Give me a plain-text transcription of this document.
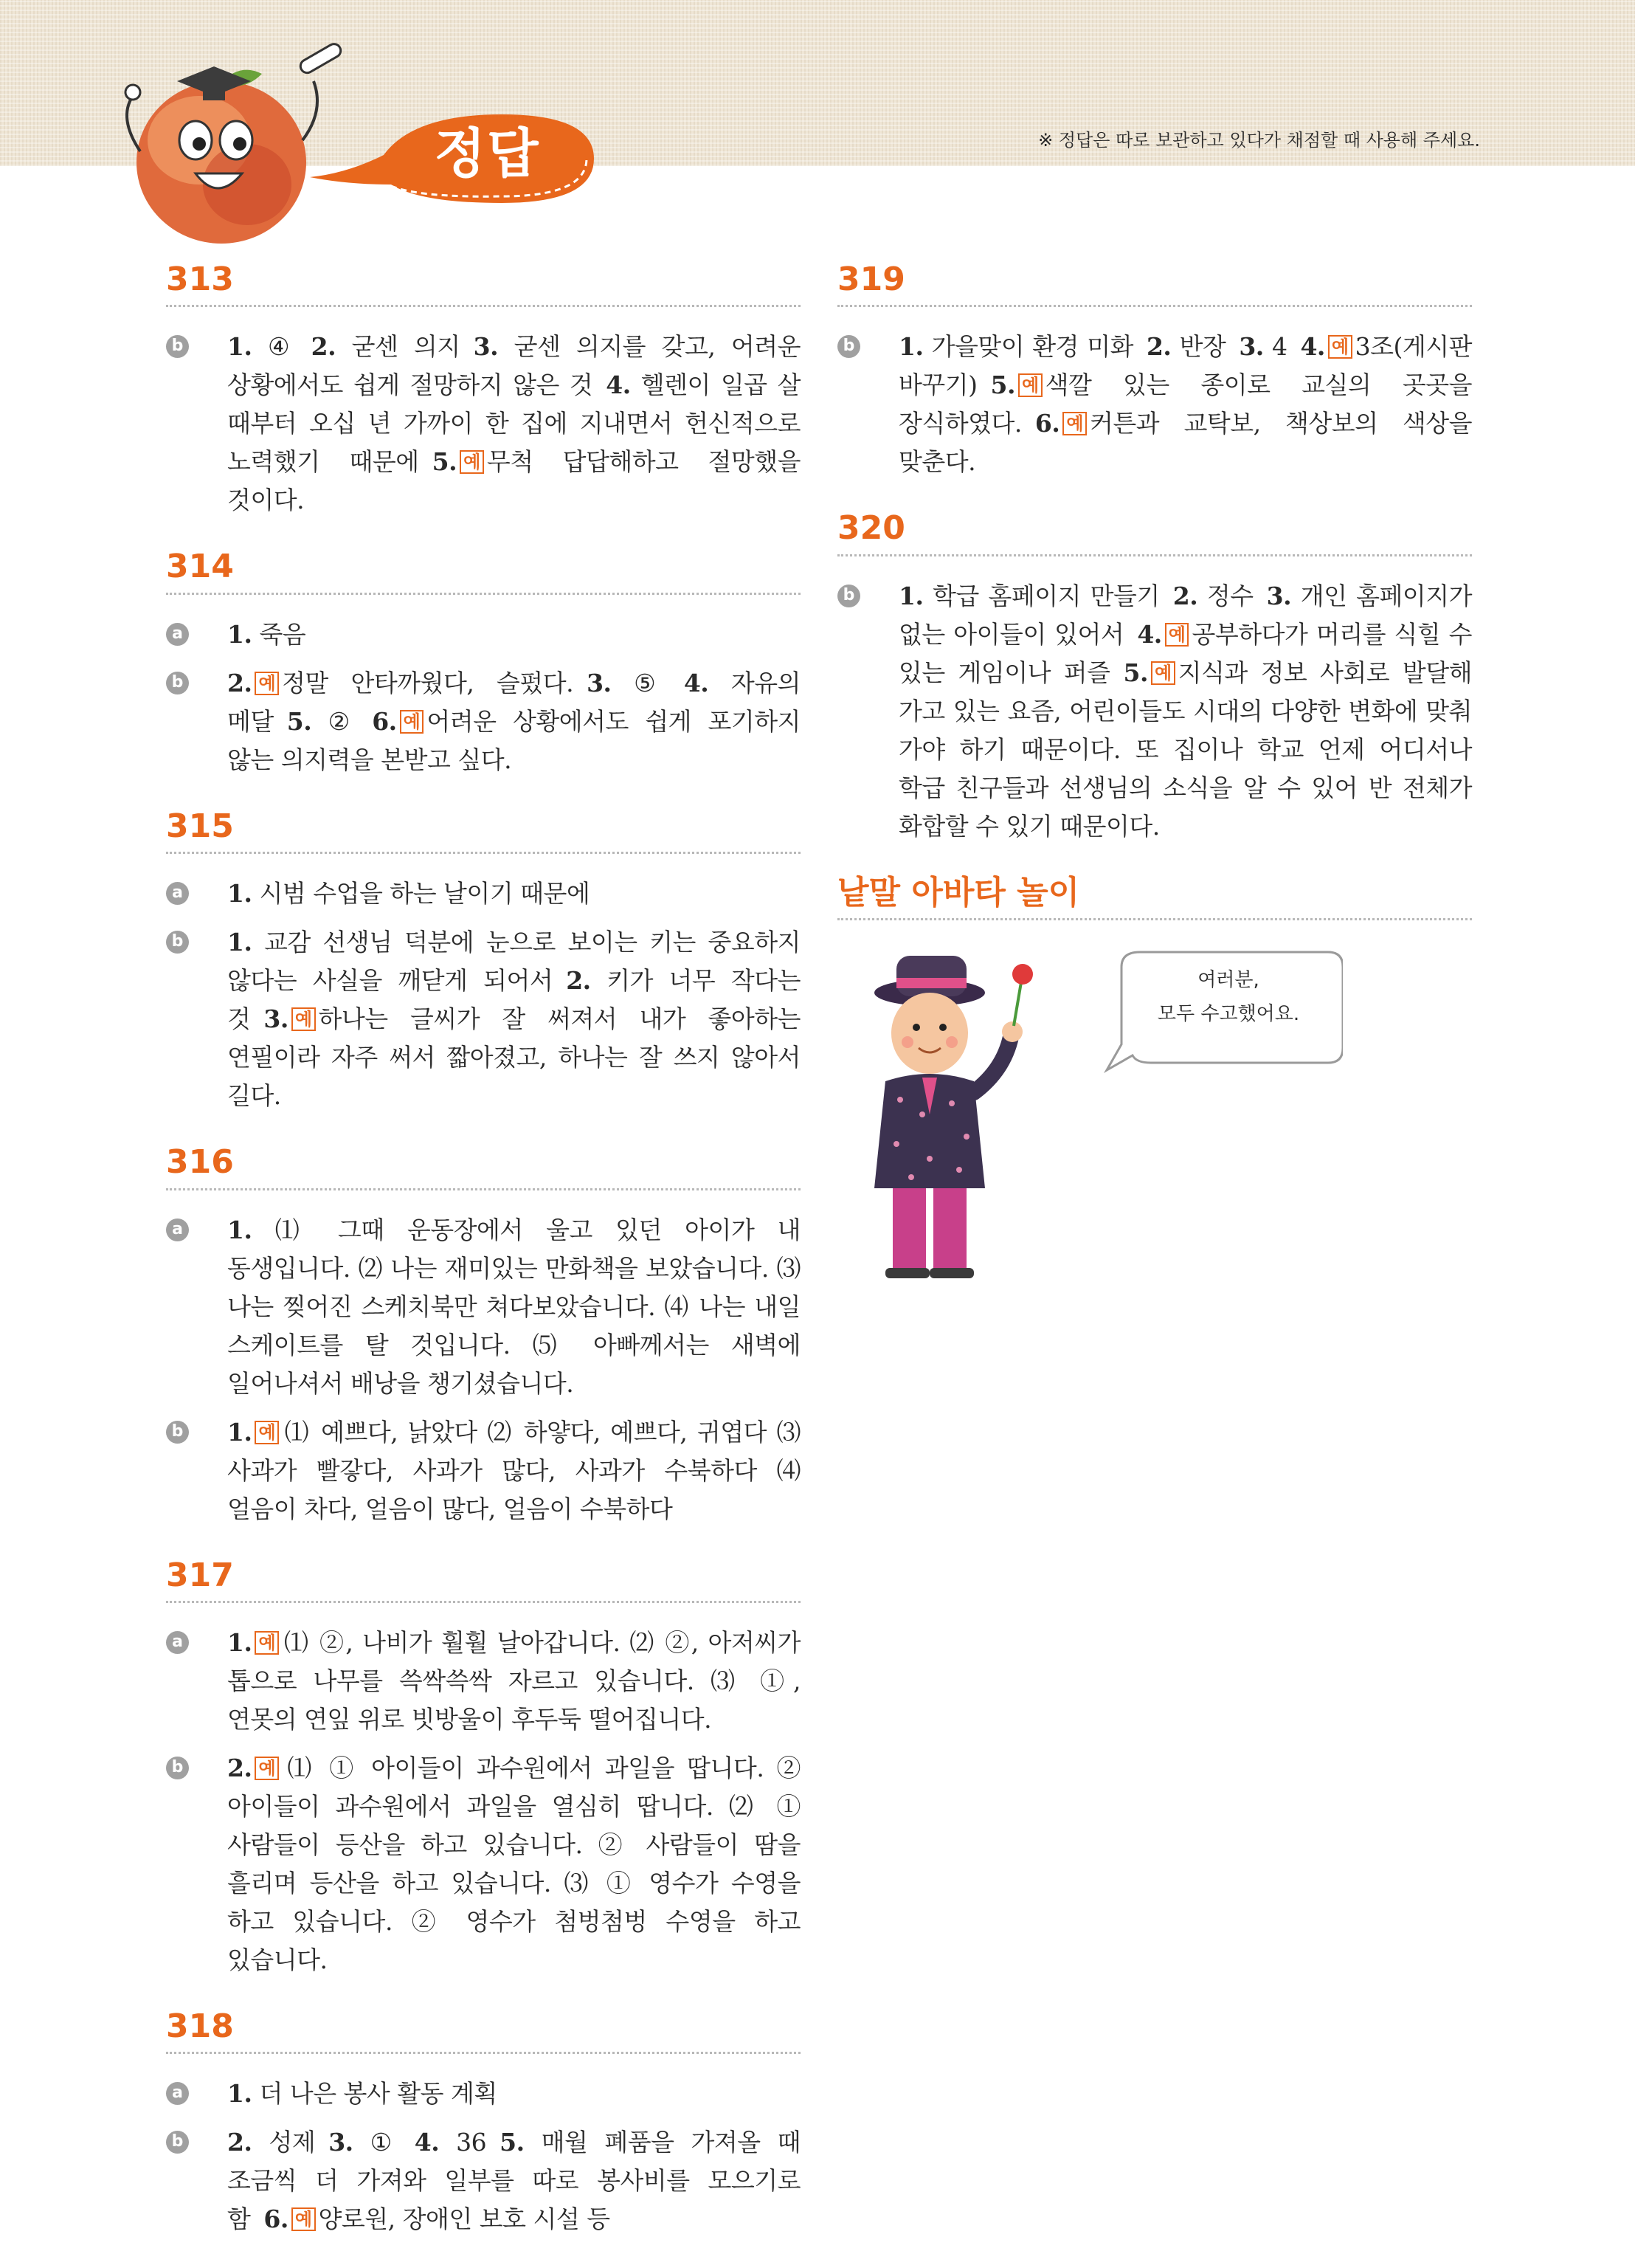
정답	※ 정답은 따로 보관하고 있다가 채점할 때 사용해 주세요.
313
b 1. ④ 2. 굳센 의지 3. 굳센 의지를 갖고, 어려운 상황에서도 쉽게 절망하지 않은 것 4. 헬렌이 일곱 살 때부터 오십 년 가까이 한 집에 지내면서 헌신적으로 노력했기 때문에 5. 예 무척 답답해하고 절망했을 것이다.
314
a 1. 죽음
b 2. 예 정말 안타까웠다, 슬펐다. 3. ⑤ 4. 자유의 메달 5. ② 6. 예 어려운 상황에서도 쉽게 포기하지 않는 의지력을 본받고 싶다.
315
a 1. 시범 수업을 하는 날이기 때문에
b 1. 교감 선생님 덕분에 눈으로 보이는 키는 중요하지 않다는 사실을 깨닫게 되어서 2. 키가 너무 작다는 것 3. 예 하나는 글씨가 잘 써져서 내가 좋아하는 연필이라 자주 써서 짧아졌고, 하나는 잘 쓰지 않아서 길다.
316
a 1. ⑴ 그때 운동장에서 울고 있던 아이가 내 동생입니다. ⑵ 나는 재미있는 만화책을 보았습니다. ⑶ 나는 찢어진 스케치북만 쳐다보았습니다. ⑷ 나는 내일 스케이트를 탈 것입니다. ⑸ 아빠께서는 새벽에 일어나셔서 배낭을 챙기셨습니다.
b 1. 예 ⑴ 예쁘다, 낡았다 ⑵ 하얗다, 예쁘다, 귀엽다 ⑶ 사과가 빨갛다, 사과가 많다, 사과가 수북하다 ⑷ 얼음이 차다, 얼음이 많다, 얼음이 수북하다
317
a 1. 예 ⑴ ②, 나비가 훨훨 날아갑니다. ⑵ ②, 아저씨가 톱으로 나무를 쓱싹쓱싹 자르고 있습니다. ⑶ ①, 연못의 연잎 위로 빗방울이 후두둑 떨어집니다.
b 2. 예 ⑴ ① 아이들이 과수원에서 과일을 땁니다. ② 아이들이 과수원에서 과일을 열심히 땁니다. ⑵ ① 사람들이 등산을 하고 있습니다. ② 사람들이 땀을 흘리며 등산을 하고 있습니다. ⑶ ① 영수가 수영을 하고 있습니다. ② 영수가 첨벙첨벙 수영을 하고 있습니다.
318
a 1. 더 나은 봉사 활동 계획
b 2. 성제 3. ① 4. 36 5. 매월 폐품을 가져올 때 조금씩 더 가져와 일부를 따로 봉사비를 모으기로 함 6. 예 양로원, 장애인 보호 시설 등
319
b 1. 가을맞이 환경 미화 2. 반장 3. 4 4. 예 3조(게시판 바꾸기) 5. 예 색깔 있는 종이로 교실의 곳곳을 장식하였다. 6. 예 커튼과 교탁보, 책상보의 색상을 맞춘다.
320
b 1. 학급 홈페이지 만들기 2. 정수 3. 개인 홈페이지가 없는 아이들이 있어서 4. 예 공부하다가 머리를 식힐 수 있는 게임이나 퍼즐 5. 예 지식과 정보 사회로 발달해 가고 있는 요즘, 어린이들도 시대의 다양한 변화에 맞춰 가야 하기 때문이다. 또 집이나 학교 언제 어디서나 학급 친구들과 선생님의 소식을 알 수 있어 반 전체가 화합할 수 있기 때문이다.
낱말 아바타 놀이
여러분,
모두 수고했어요.
